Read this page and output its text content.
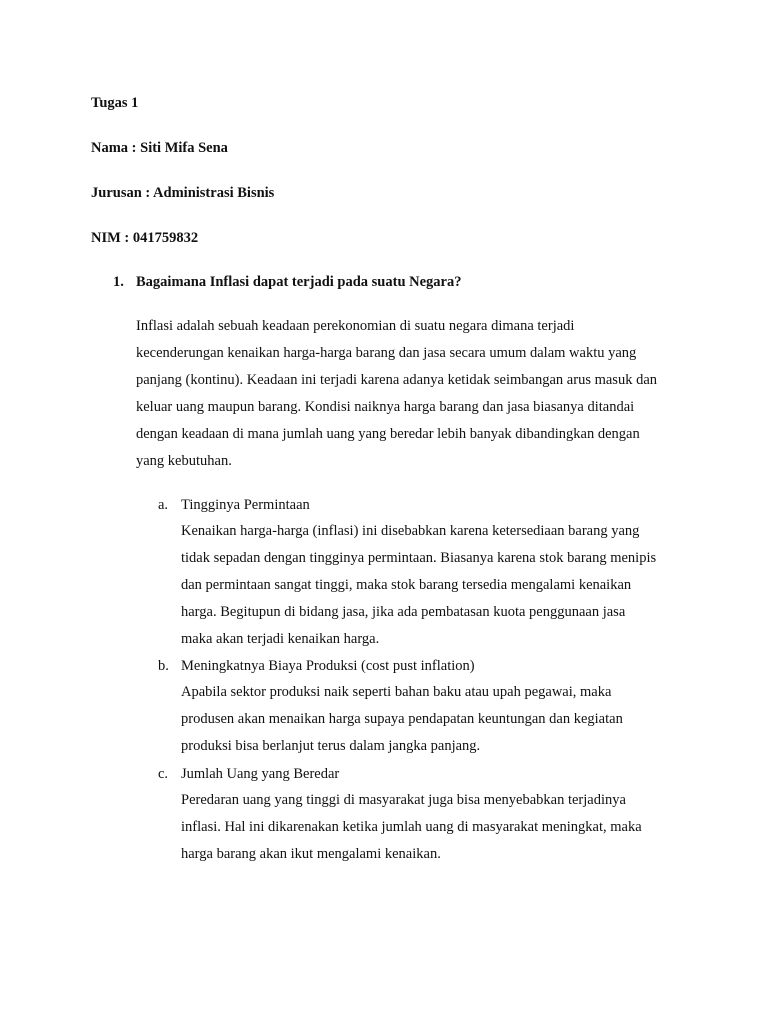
Tugas 1
Nama : Siti Mifa Sena
Jurusan : Administrasi Bisnis
NIM : 041759832
1. Bagaimana Inflasi dapat terjadi pada suatu Negara?
Inflasi adalah sebuah keadaan perekonomian di suatu negara dimana terjadi
kecenderungan kenaikan harga-harga barang dan jasa secara umum dalam waktu yang
panjang (kontinu). Keadaan ini terjadi karena adanya ketidak seimbangan arus masuk dan
keluar uang maupun barang. Kondisi naiknya harga barang dan jasa biasanya ditandai
dengan keadaan di mana jumlah uang yang beredar lebih banyak dibandingkan dengan
yang kebutuhan.
a. Tingginya Permintaan
Kenaikan harga-harga (inflasi) ini disebabkan karena ketersediaan barang yang
tidak sepadan dengan tingginya permintaan. Biasanya karena stok barang menipis
dan permintaan sangat tinggi, maka stok barang tersedia mengalami kenaikan
harga. Begitupun di bidang jasa, jika ada pembatasan kuota penggunaan jasa
maka akan terjadi kenaikan harga.
b. Meningkatnya Biaya Produksi (cost pust inflation)
Apabila sektor produksi naik seperti bahan baku atau upah pegawai, maka
produsen akan menaikan harga supaya pendapatan keuntungan dan kegiatan
produksi bisa berlanjut terus dalam jangka panjang.
c. Jumlah Uang yang Beredar
Peredaran uang yang tinggi di masyarakat juga bisa menyebabkan terjadinya
inflasi. Hal ini dikarenakan ketika jumlah uang di masyarakat meningkat, maka
harga barang akan ikut mengalami kenaikan.
